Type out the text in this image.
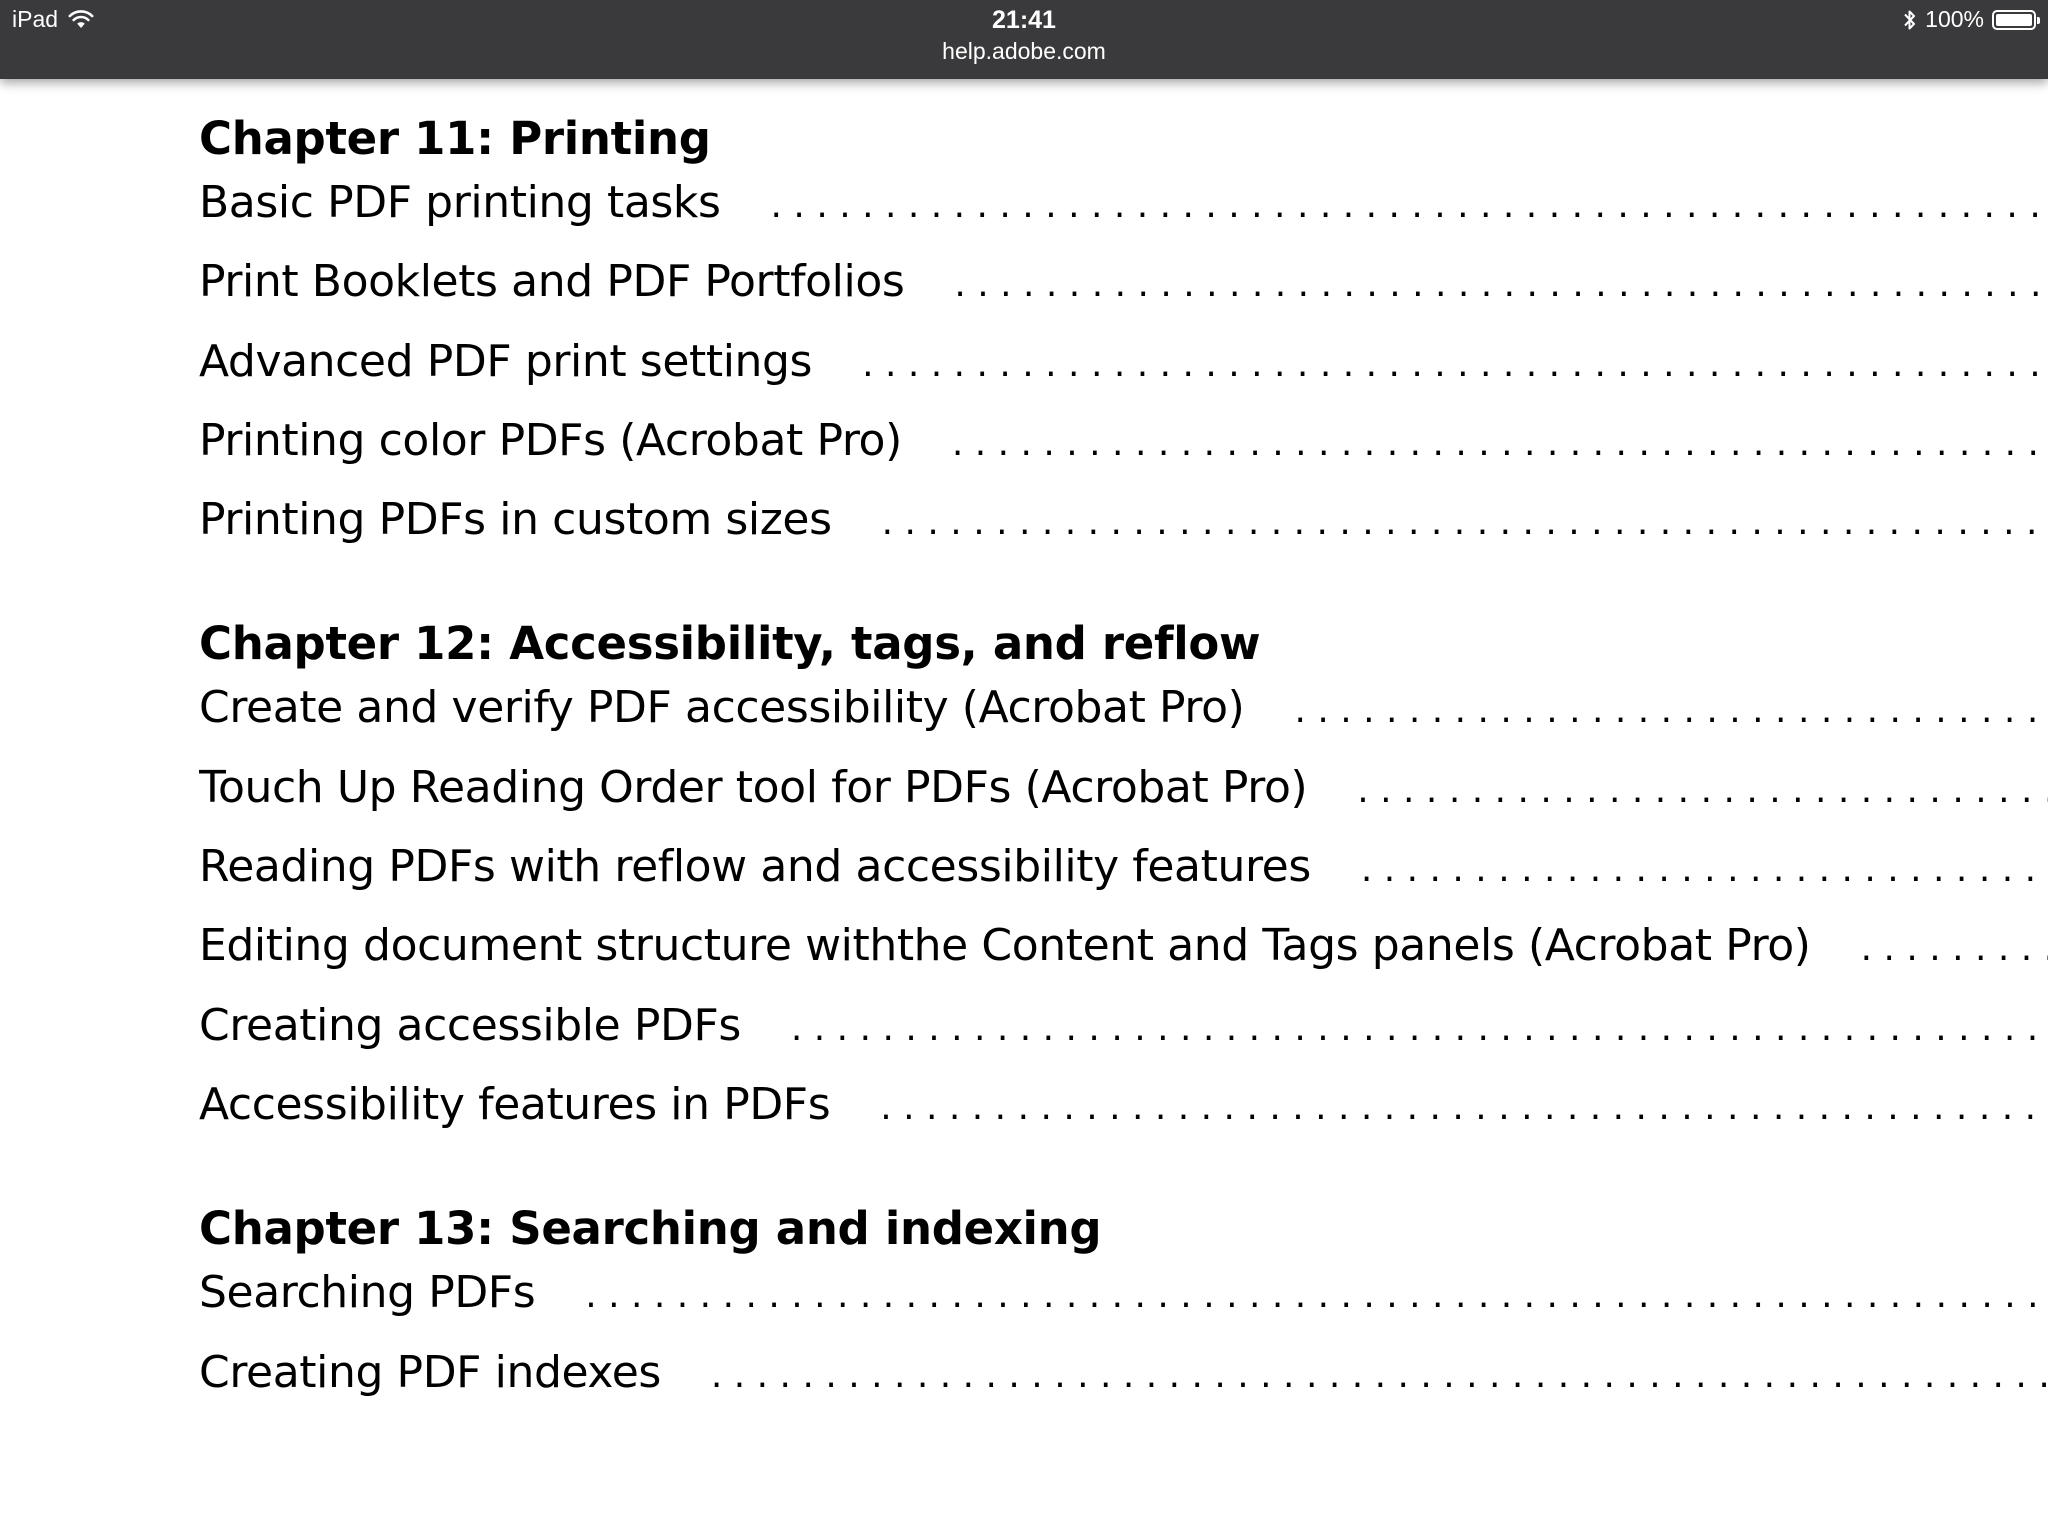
iPad	21:41
help.adobe.com
100%
Chapter 11: Printing
Basic PDF printing tasks
. . .
Print Booklets and PDF Portfolios
. . .
Advanced PDF print settings
. . .
Printing color PDFs (Acrobat Pro)
. . .
Printing PDFs in custom sizes
. . .
Chapter 12: Accessibility, tags, and reflow
Create and verify PDF accessibility (Acrobat Pro)
. . .
Touch Up Reading Order tool for PDFs (Acrobat Pro)
. . .
Reading PDFs with reflow and accessibility features
. . .
Editing document structure withthe Content and Tags panels (Acrobat Pro)
. . .
Creating accessible PDFs
. . .
Accessibility features in PDFs
. . .
Chapter 13: Searching and indexing
Searching PDFs
. . .
Creating PDF indexes
. . .
